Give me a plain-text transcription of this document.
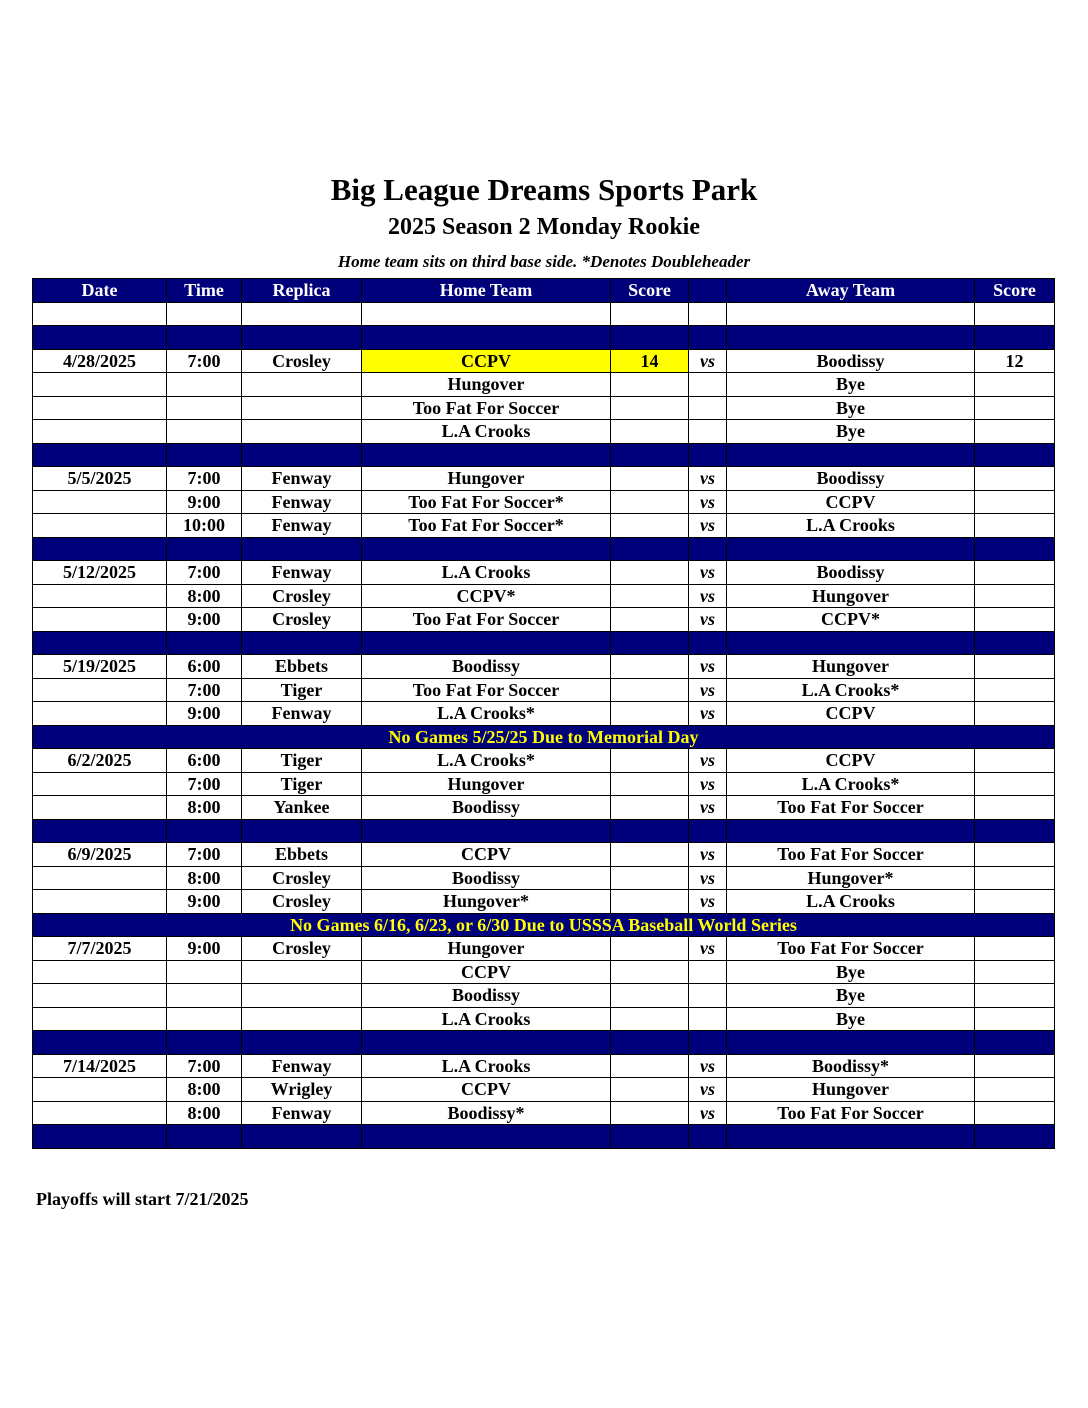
Big League Dreams Sports Park
2025 Season 2 Monday Rookie
Home team sits on third base side. *Denotes Doubleheader
Date	Time	Replica	Home Team	Score		Away Team	Score

4/28/2025	7:00	Crosley	CCPV	14	vs	Boodissy	12
			Hungover			Bye	
			Too Fat For Soccer			Bye	
			L.A Crooks			Bye	

5/5/2025	7:00	Fenway	Hungover		vs	Boodissy	
	9:00	Fenway	Too Fat For Soccer*		vs	CCPV	
	10:00	Fenway	Too Fat For Soccer*		vs	L.A Crooks	

5/12/2025	7:00	Fenway	L.A Crooks		vs	Boodissy	
	8:00	Crosley	CCPV*		vs	Hungover	
	9:00	Crosley	Too Fat For Soccer		vs	CCPV*	

5/19/2025	6:00	Ebbets	Boodissy		vs	Hungover	
	7:00	Tiger	Too Fat For Soccer		vs	L.A Crooks*	
	9:00	Fenway	L.A Crooks*		vs	CCPV	
No Games 5/25/25 Due to Memorial Day							
6/2/2025	6:00	Tiger	L.A Crooks*		vs	CCPV	
	7:00	Tiger	Hungover		vs	L.A Crooks*	
	8:00	Yankee	Boodissy		vs	Too Fat For Soccer	

6/9/2025	7:00	Ebbets	CCPV		vs	Too Fat For Soccer	
	8:00	Crosley	Boodissy		vs	Hungover*	
	9:00	Crosley	Hungover*		vs	L.A Crooks	
No Games 6/16, 6/23, or 6/30 Due to USSSA Baseball World Series							
7/7/2025	9:00	Crosley	Hungover		vs	Too Fat For Soccer	
			CCPV			Bye	
			Boodissy			Bye	
			L.A Crooks			Bye	

7/14/2025	7:00	Fenway	L.A Crooks		vs	Boodissy*	
	8:00	Wrigley	CCPV		vs	Hungover	
	8:00	Fenway	Boodissy*		vs	Too Fat For Soccer	

Playoffs will start 7/21/2025
